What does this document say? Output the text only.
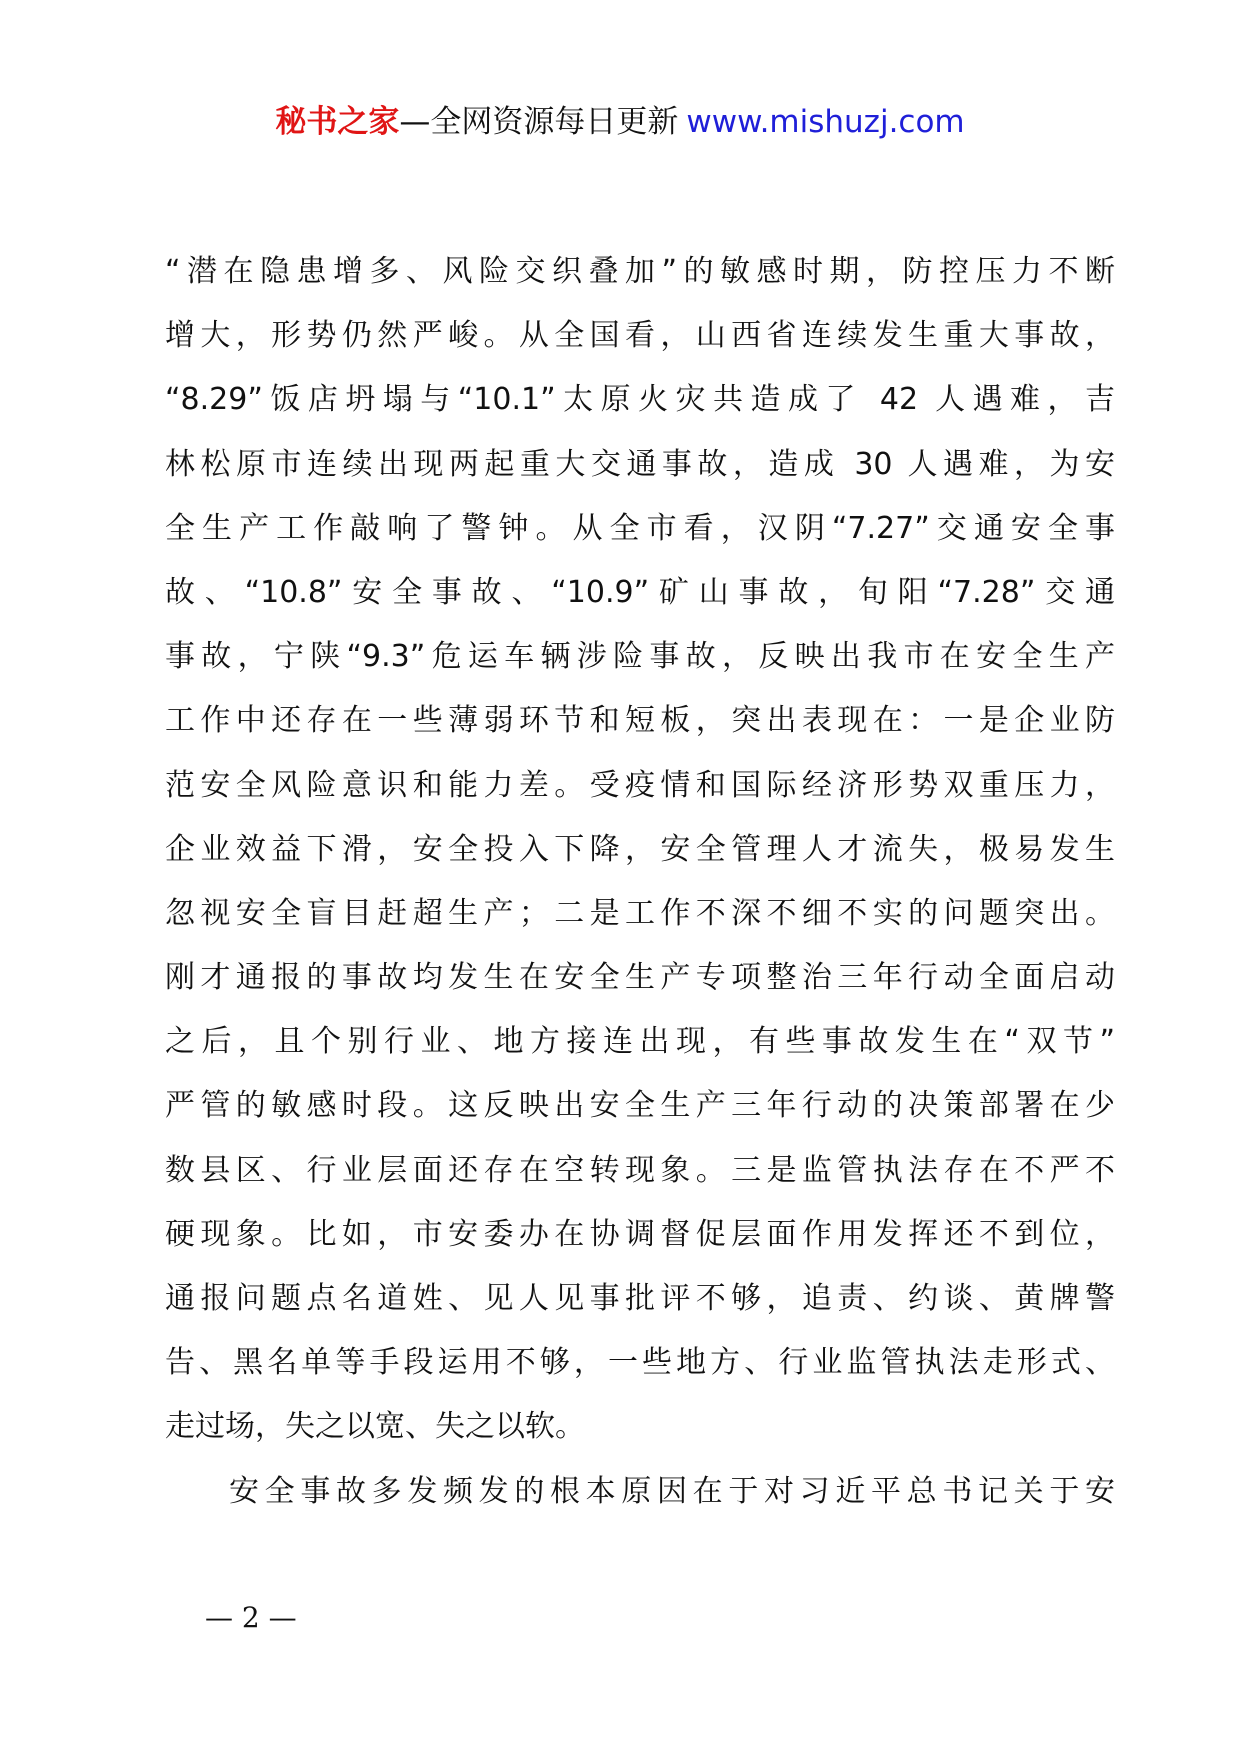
秘书之家—全网资源每日更新 www.mishuzj.com
“潜在隐患增多、风险交织叠加”的敏感时期，防控压力不断
增大，形势仍然严峻。从全国看，山西省连续发生重大事故，
“8.29”饭店坍塌与“10.1”太原火灾共造成了 42 人遇难，吉
林松原市连续出现两起重大交通事故，造成 30 人遇难，为安
全生产工作敲响了警钟。从全市看，汉阴“7.27”交通安全事
故、“10.8”安全事故、“10.9”矿山事故，旬阳“7.28”交通
事故，宁陕“9.3”危运车辆涉险事故，反映出我市在安全生产
工作中还存在一些薄弱环节和短板，突出表现在：一是企业防
范安全风险意识和能力差。受疫情和国际经济形势双重压力，
企业效益下滑，安全投入下降，安全管理人才流失，极易发生
忽视安全盲目赶超生产；二是工作不深不细不实的问题突出。
刚才通报的事故均发生在安全生产专项整治三年行动全面启动
之后，且个别行业、地方接连出现，有些事故发生在“双节”
严管的敏感时段。这反映出安全生产三年行动的决策部署在少
数县区、行业层面还存在空转现象。三是监管执法存在不严不
硬现象。比如，市安委办在协调督促层面作用发挥还不到位，
通报问题点名道姓、见人见事批评不够，追责、约谈、黄牌警
告、黑名单等手段运用不够，一些地方、行业监管执法走形式、
走过场，失之以宽、失之以软。
安全事故多发频发的根本原因在于对习近平总书记关于安
— 2 —
